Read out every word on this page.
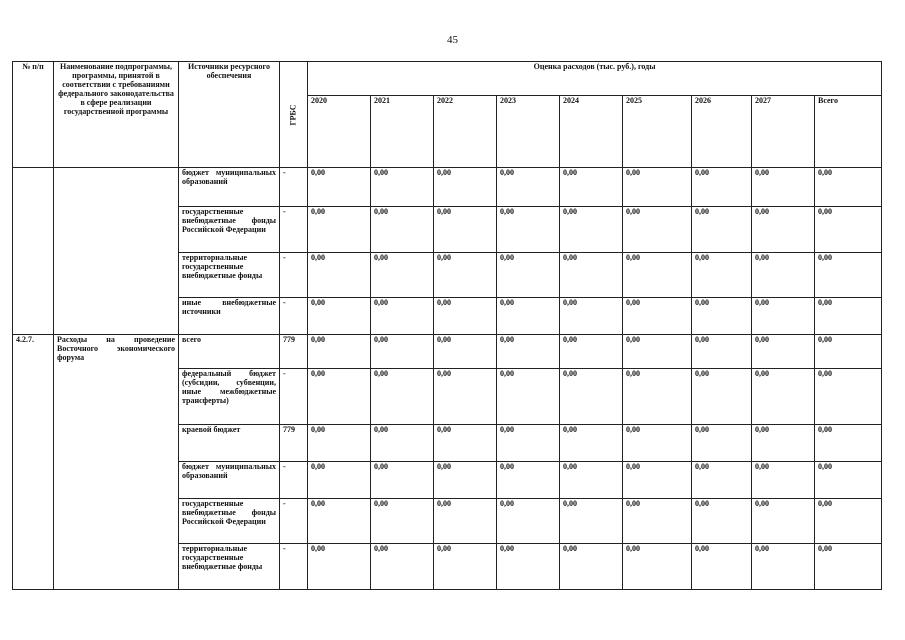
45
№ п/п	Наименование подпрограммы, программы, принятой в соответствии с требованиями федерального законодательства в сфере реализации государственной программы	Источники ресурсного обеспечения	ГРБС	Оценка расходов (тыс. руб.), годы								
				2020	2021	2022	2023	2024	2025	2026	2027	Всего
		бюджет муниципальных образований	-	0,00	0,00	0,00	0,00	0,00	0,00	0,00	0,00	0,00
		государственные внебюджетные фонды Российской Федерации	-	0,00	0,00	0,00	0,00	0,00	0,00	0,00	0,00	0,00
		территориальные государственные внебюджетные фонды	-	0,00	0,00	0,00	0,00	0,00	0,00	0,00	0,00	0,00
		иные внебюджетные источники	-	0,00	0,00	0,00	0,00	0,00	0,00	0,00	0,00	0,00
4.2.7.	Расходы на проведение Восточного экономического форума	всего	779	0,00	0,00	0,00	0,00	0,00	0,00	0,00	0,00	0,00
		федеральный бюджет (субсидии, субвенции, иные межбюджетные трансферты)	-	0,00	0,00	0,00	0,00	0,00	0,00	0,00	0,00	0,00
		краевой бюджет	779	0,00	0,00	0,00	0,00	0,00	0,00	0,00	0,00	0,00
		бюджет муниципальных образований	-	0,00	0,00	0,00	0,00	0,00	0,00	0,00	0,00	0,00
		государственные внебюджетные фонды Российской Федерации	-	0,00	0,00	0,00	0,00	0,00	0,00	0,00	0,00	0,00
		территориальные государственные внебюджетные фонды	-	0,00	0,00	0,00	0,00	0,00	0,00	0,00	0,00	0,00
